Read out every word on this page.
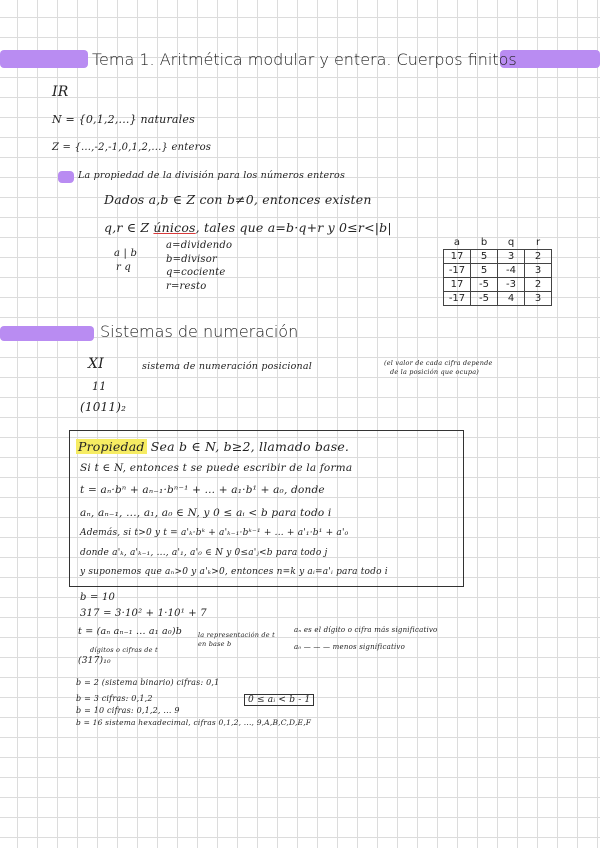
Tema 1. Aritmética modular y entera. Cuerpos finitos
IR
N = {0,1,2,...} naturales
Z = {...,-2,-1,0,1,2,...} enteros
La propiedad de la división para los números enteros
Dados a,b ∈ Z con b≠0, entonces existen
q,r ∈ Z únicos, tales que a=b·q+r y 0≤r<|b|
a | b
r q
a=dividendo
b=divisor
q=cociente
r=resto
a	b	q	r
17	5	3	2
-17	5	-4	3
17	-5	-3	2
-17	-5	4	3
Sistemas de numeración
XI	sistema de numeración posicional	(el valor de cada cifra depende
de la posición que ocupa)
11
(1011)₂
Propiedad Sea b ∈ N, b≥2, llamado base.
Si t ∈ N, entonces t se puede escribir de la forma
t = aₙ·bⁿ + aₙ₋₁·bⁿ⁻¹ + ... + a₁·b¹ + a₀, donde
aₙ, aₙ₋₁, ..., a₁, a₀ ∈ N, y 0 ≤ aᵢ < b para todo i
Además, si t>0 y t = a'ₖ·bᵏ + a'ₖ₋₁·bᵏ⁻¹ + ... + a'₁·b¹ + a'₀
donde a'ₖ, a'ₖ₋₁, ..., a'₁, a'₀ ∈ N y 0≤a'ⱼ<b para todo j
y suponemos que aₙ>0 y a'ₖ>0, entonces n=k y aᵢ=a'ᵢ para todo i
b = 10
317 = 3·10² + 1·10¹ + 7
t = (aₙ aₙ₋₁ ... a₁ a₀)b la representación de t
en base b
dígitos o cifras de t
aₙ es el dígito o cifra más significativo
a₀ — — — menos significativo
(317)₁₀
b = 2 (sistema binario) cifras: 0,1
b = 3 cifras: 0,1,2
b = 10 cifras: 0,1,2, ... 9
b = 16 sistema hexadecimal, cifras 0,1,2, ..., 9,A,B,C,D,E,F
0 ≤ aᵢ < b - 1
